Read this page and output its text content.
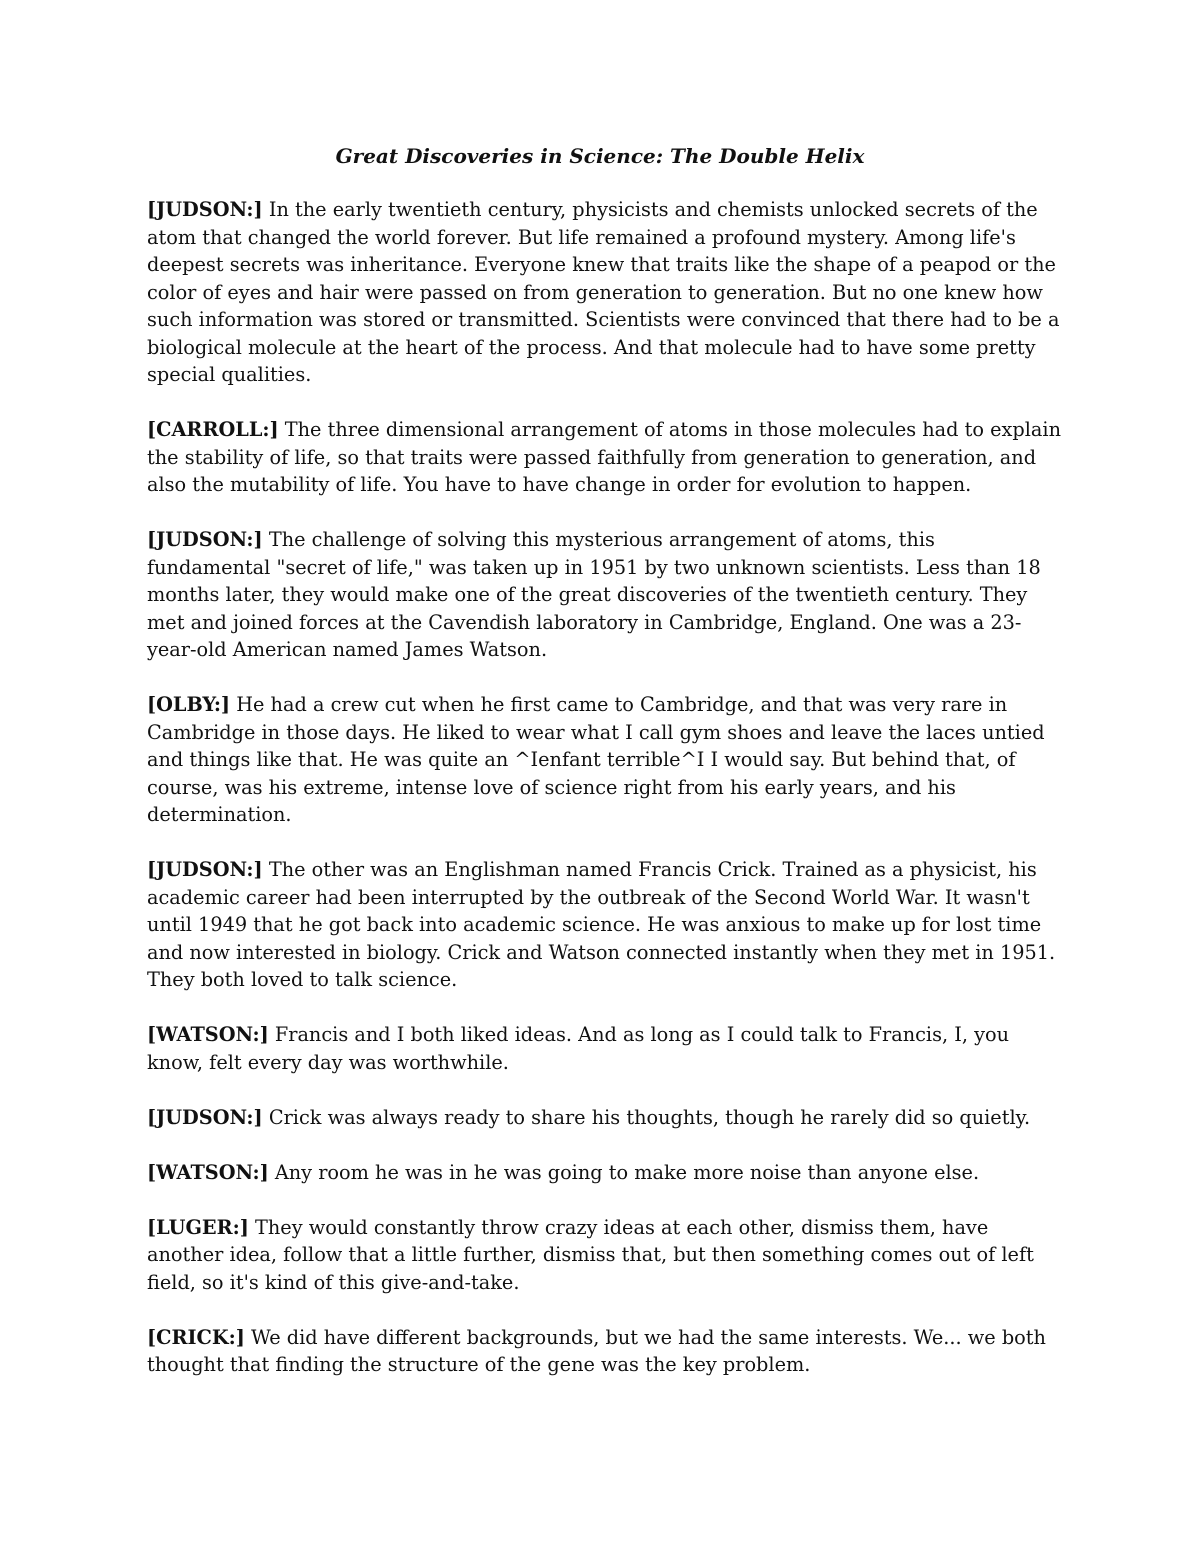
Great Discoveries in Science: The Double Helix

[JUDSON:] In the early twentieth century, physicists and chemists unlocked secrets of the atom that changed the world forever. But life remained a profound mystery. Among life's deepest secrets was inheritance. Everyone knew that traits like the shape of a peapod or the color of eyes and hair were passed on from generation to generation. But no one knew how such information was stored or transmitted. Scientists were convinced that there had to be a biological molecule at the heart of the process. And that molecule had to have some pretty special qualities.

[CARROLL:] The three dimensional arrangement of atoms in those molecules had to explain the stability of life, so that traits were passed faithfully from generation to generation, and also the mutability of life. You have to have change in order for evolution to happen.

[JUDSON:] The challenge of solving this mysterious arrangement of atoms, this fundamental "secret of life," was taken up in 1951 by two unknown scientists. Less than 18 months later, they would make one of the great discoveries of the twentieth century. They met and joined forces at the Cavendish laboratory in Cambridge, England. One was a 23-year-old American named James Watson.

[OLBY:] He had a crew cut when he first came to Cambridge, and that was very rare in Cambridge in those days. He liked to wear what I call gym shoes and leave the laces untied and things like that. He was quite an ^Ienfant terrible^I I would say. But behind that, of course, was his extreme, intense love of science right from his early years, and his determination.

[JUDSON:] The other was an Englishman named Francis Crick. Trained as a physicist, his academic career had been interrupted by the outbreak of the Second World War. It wasn't until 1949 that he got back into academic science. He was anxious to make up for lost time and now interested in biology. Crick and Watson connected instantly when they met in 1951. They both loved to talk science.

[WATSON:] Francis and I both liked ideas. And as long as I could talk to Francis, I, you know, felt every day was worthwhile.

[JUDSON:] Crick was always ready to share his thoughts, though he rarely did so quietly.

[WATSON:] Any room he was in he was going to make more noise than anyone else.

[LUGER:] They would constantly throw crazy ideas at each other, dismiss them, have another idea, follow that a little further, dismiss that, but then something comes out of left field, so it's kind of this give-and-take.

[CRICK:] We did have different backgrounds, but we had the same interests. We... we both thought that finding the structure of the gene was the key problem.
